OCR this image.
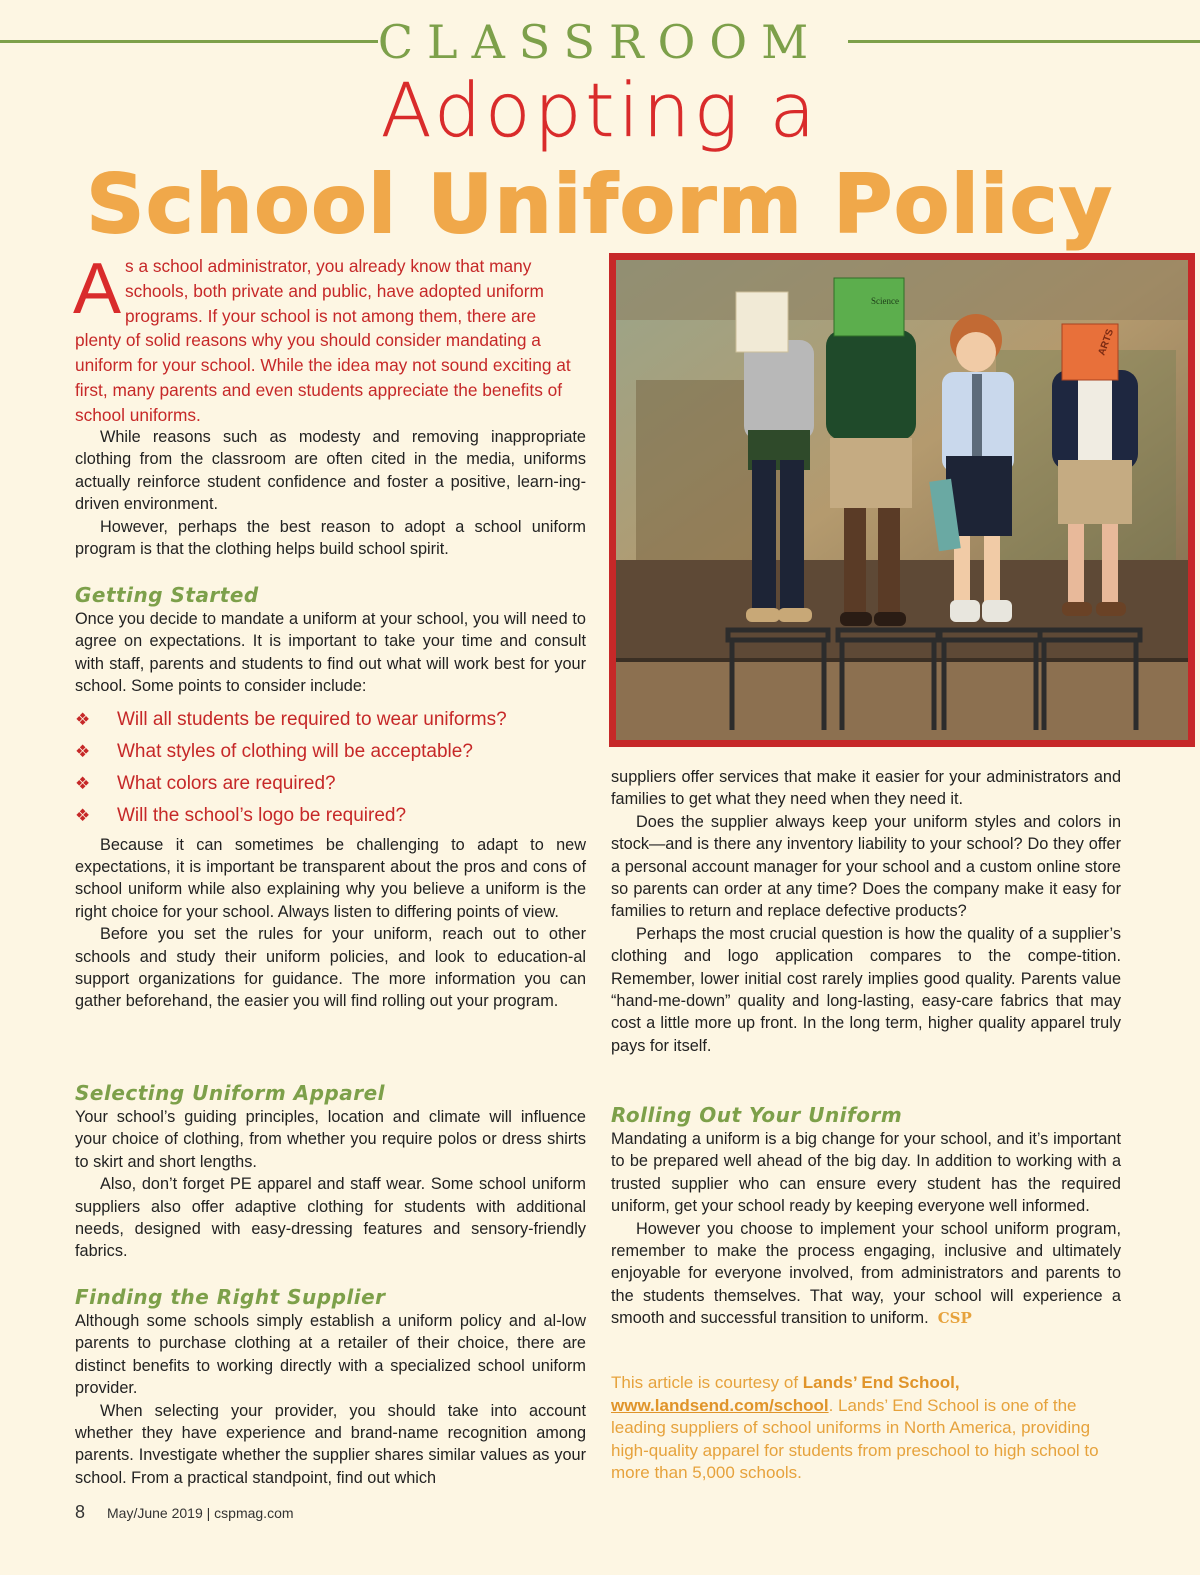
CLASSROOM
Adopting a
School Uniform Policy
As a school administrator, you already know that many schools, both private and public, have adopted uniform programs. If your school is not among them, there are plenty of solid reasons why you should consider mandating a uniform for your school. While the idea may not sound exciting at first, many parents and even students appreciate the benefits of school uniforms.

While reasons such as modesty and removing inappropriate clothing from the classroom are often cited in the media, uniforms actually reinforce student confidence and foster a positive, learn-ing-driven environment.

However, perhaps the best reason to adopt a school uniform program is that the clothing helps build school spirit.

Getting Started

Once you decide to mandate a uniform at your school, you will need to agree on expectations. It is important to take your time and consult with staff, parents and students to find out what will work best for your school. Some points to consider include:

❖ Will all students be required to wear uniforms?
❖ What styles of clothing will be acceptable?
❖ What colors are required?
❖ Will the school’s logo be required?

Because it can sometimes be challenging to adapt to new expectations, it is important be transparent about the pros and cons of school uniform while also explaining why you believe a uniform is the right choice for your school. Always listen to differing points of view.

Before you set the rules for your uniform, reach out to other schools and study their uniform policies, and look to education-al support organizations for guidance. The more information you can gather beforehand, the easier you will find rolling out your program.

Selecting Uniform Apparel

Your school’s guiding principles, location and climate will influence your choice of clothing, from whether you require polos or dress shirts to skirt and short lengths.

Also, don’t forget PE apparel and staff wear. Some school uniform suppliers also offer adaptive clothing for students with additional needs, designed with easy-dressing features and sensory-friendly fabrics.

Finding the Right Supplier

Although some schools simply establish a uniform policy and al-low parents to purchase clothing at a retailer of their choice, there are distinct benefits to working directly with a specialized school uniform provider.

When selecting your provider, you should take into account whether they have experience and brand-name recognition among parents. Investigate whether the supplier shares similar values as your school. From a practical standpoint, find out which

Science
ARTS

suppliers offer services that make it easier for your administrators and families to get what they need when they need it.

Does the supplier always keep your uniform styles and colors in stock—and is there any inventory liability to your school? Do they offer a personal account manager for your school and a custom online store so parents can order at any time? Does the company make it easy for families to return and replace defective products?

Perhaps the most crucial question is how the quality of a supplier’s clothing and logo application compares to the compe-tition. Remember, lower initial cost rarely implies good quality. Parents value “hand-me-down” quality and long-lasting, easy-care fabrics that may cost a little more up front. In the long term, higher quality apparel truly pays for itself.

Rolling Out Your Uniform

Mandating a uniform is a big change for your school, and it’s important to be prepared well ahead of the big day. In addition to working with a trusted supplier who can ensure every student has the required uniform, get your school ready by keeping everyone well informed.

However you choose to implement your school uniform program, remember to make the process engaging, inclusive and ultimately enjoyable for everyone involved, from administrators and parents to the students themselves. That way, your school will experience a smooth and successful transition to uniform. CSP

This article is courtesy of Lands’ End School,
www.landsend.com/school. Lands’ End School is one of the leading suppliers of school uniforms in North America, providing high-quality apparel for students from preschool to high school to more than 5,000 schools.
8 May/June 2019 | cspmag.com
